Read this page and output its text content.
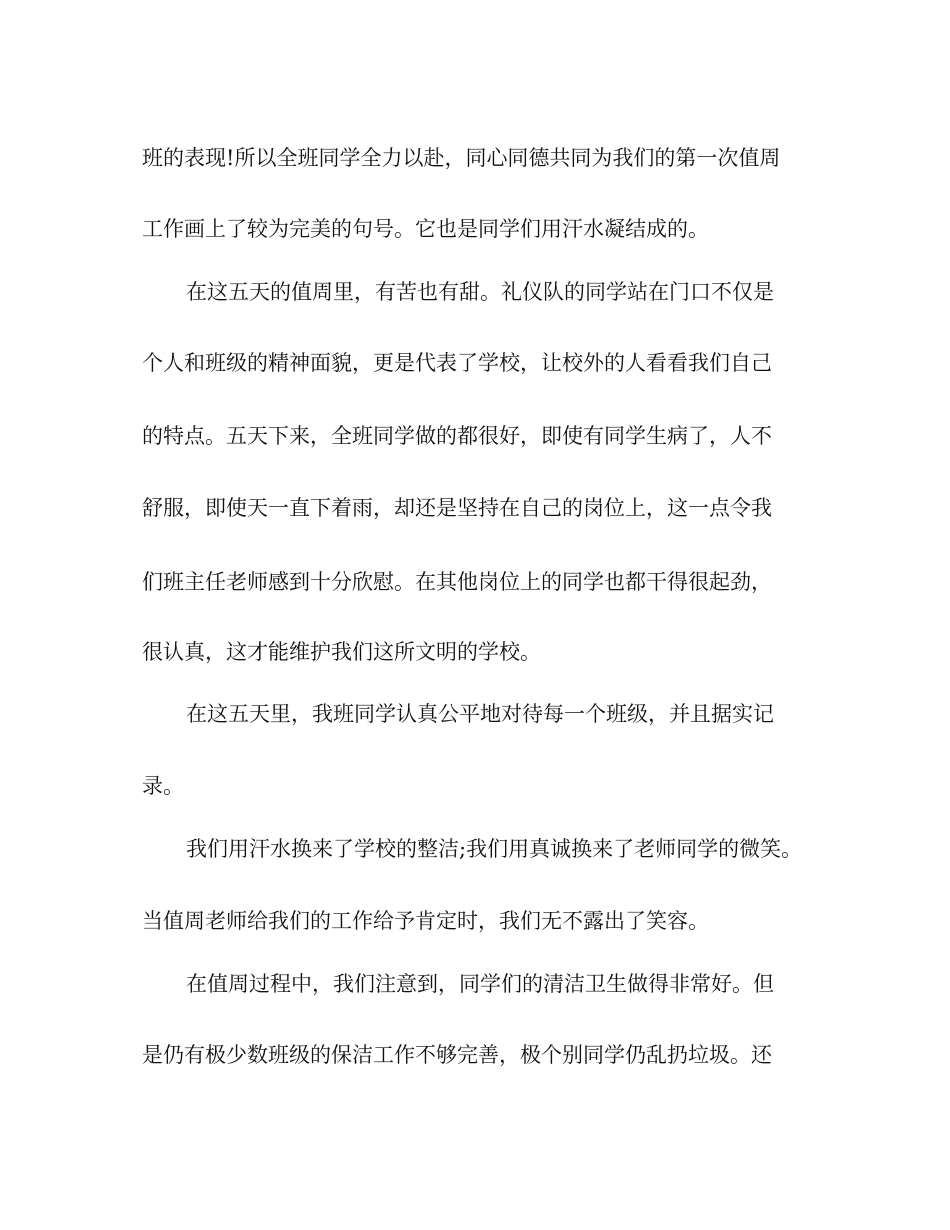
班的表现!所以全班同学全力以赴，同心同德共同为我们的第一次值周
工作画上了较为完美的句号。它也是同学们用汗水凝结成的。
在这五天的值周里，有苦也有甜。礼仪队的同学站在门口不仅是
个人和班级的精神面貌，更是代表了学校，让校外的人看看我们自己
的特点。五天下来，全班同学做的都很好，即使有同学生病了，人不
舒服，即使天一直下着雨，却还是坚持在自己的岗位上，这一点令我
们班主任老师感到十分欣慰。在其他岗位上的同学也都干得很起劲，
很认真，这才能维护我们这所文明的学校。
在这五天里，我班同学认真公平地对待每一个班级，并且据实记
录。
我们用汗水换来了学校的整洁;我们用真诚换来了老师同学的微笑。
当值周老师给我们的工作给予肯定时，我们无不露出了笑容。
在值周过程中，我们注意到，同学们的清洁卫生做得非常好。但
是仍有极少数班级的保洁工作不够完善，极个别同学仍乱扔垃圾。还
